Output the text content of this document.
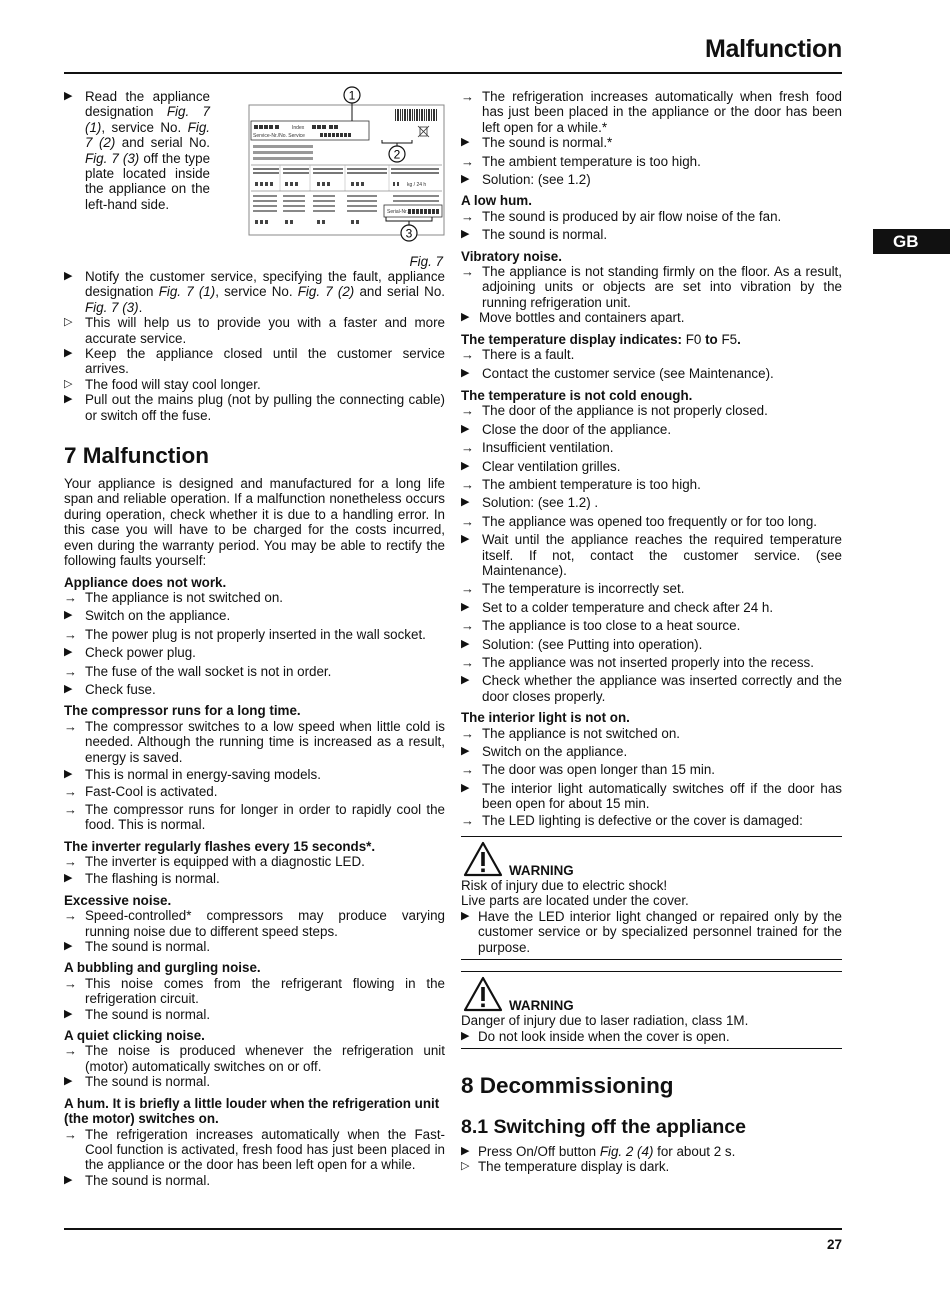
Malfunction
GB
▶ Read the appliance designation Fig. 7 (1), service No. Fig. 7 (2) and serial No. Fig. 7 (3) off the type plate located inside the appliance on the left-hand side.
Index
Service-Nr./No. Service
kg / 24 h
Serial-Nr.
1
2
3
Fig. 7
▶ Notify the customer service, specifying the fault, appliance designation Fig. 7 (1), service No. Fig. 7 (2) and serial No. Fig. 7 (3).
▷ This will help us to provide you with a faster and more accurate service.
▶ Keep the appliance closed until the customer service arrives.
▷ The food will stay cool longer.
▶ Pull out the mains plug (not by pulling the connecting cable) or switch off the fuse.
7 Malfunction
Your appliance is designed and manufactured for a long life span and reliable operation. If a malfunction nonetheless occurs during operation, check whether it is due to a handling error. In this case you will have to be charged for the costs incurred, even during the warranty period. You may be able to rectify the following faults yourself:
Appliance does not work.
→ The appliance is not switched on.
▶ Switch on the appliance.
→ The power plug is not properly inserted in the wall socket.
▶ Check power plug.
→ The fuse of the wall socket is not in order.
▶ Check fuse.
The compressor runs for a long time.
→ The compressor switches to a low speed when little cold is needed. Although the running time is increased as a result, energy is saved.
▶ This is normal in energy-saving models.
→ Fast-Cool is activated.
→ The compressor runs for longer in order to rapidly cool the food. This is normal.
The inverter regularly flashes every 15 seconds*.
→ The inverter is equipped with a diagnostic LED.
▶ The flashing is normal.
Excessive noise.
→ Speed-controlled* compressors may produce varying running noise due to different speed steps.
▶ The sound is normal.
A bubbling and gurgling noise.
→ This noise comes from the refrigerant flowing in the refrigeration circuit.
▶ The sound is normal.
A quiet clicking noise.
→ The noise is produced whenever the refrigeration unit (motor) automatically switches on or off.
▶ The sound is normal.
A hum. It is briefly a little louder when the refrigeration unit (the motor) switches on.
→ The refrigeration increases automatically when the Fast-Cool function is activated, fresh food has just been placed in the appliance or the door has been left open for a while.
▶ The sound is normal.
→ The refrigeration increases automatically when fresh food has just been placed in the appliance or the door has been left open for a while.*
▶ The sound is normal.*
→ The ambient temperature is too high.
▶ Solution: (see 1.2)
A low hum.
→ The sound is produced by air flow noise of the fan.
▶ The sound is normal.
Vibratory noise.
→ The appliance is not standing firmly on the floor. As a result, adjoining units or objects are set into vibration by the running refrigeration unit.
▶ Move bottles and containers apart.
The temperature display indicates: F0 to F5.
→ There is a fault.
▶ Contact the customer service (see Maintenance).
The temperature is not cold enough.
→ The door of the appliance is not properly closed.
▶ Close the door of the appliance.
→ Insufficient ventilation.
▶ Clear ventilation grilles.
→ The ambient temperature is too high.
▶ Solution: (see 1.2) .
→ The appliance was opened too frequently or for too long.
▶ Wait until the appliance reaches the required temperature itself. If not, contact the customer service. (see Maintenance).
→ The temperature is incorrectly set.
▶ Set to a colder temperature and check after 24 h.
→ The appliance is too close to a heat source.
▶ Solution: (see Putting into operation).
→ The appliance was not inserted properly into the recess.
▶ Check whether the appliance was inserted correctly and the door closes properly.
The interior light is not on.
→ The appliance is not switched on.
▶ Switch on the appliance.
→ The door was open longer than 15 min.
▶ The interior light automatically switches off if the door has been open for about 15 min.
→ The LED lighting is defective or the cover is damaged:
WARNING
Risk of injury due to electric shock!
Live parts are located under the cover.
▶ Have the LED interior light changed or repaired only by the customer service or by specialized personnel trained for the purpose.
WARNING
Danger of injury due to laser radiation, class 1M.
▶ Do not look inside when the cover is open.
8 Decommissioning
8.1 Switching off the appliance
▶ Press On/Off button Fig. 2 (4) for about 2 s.
▷ The temperature display is dark.
27
